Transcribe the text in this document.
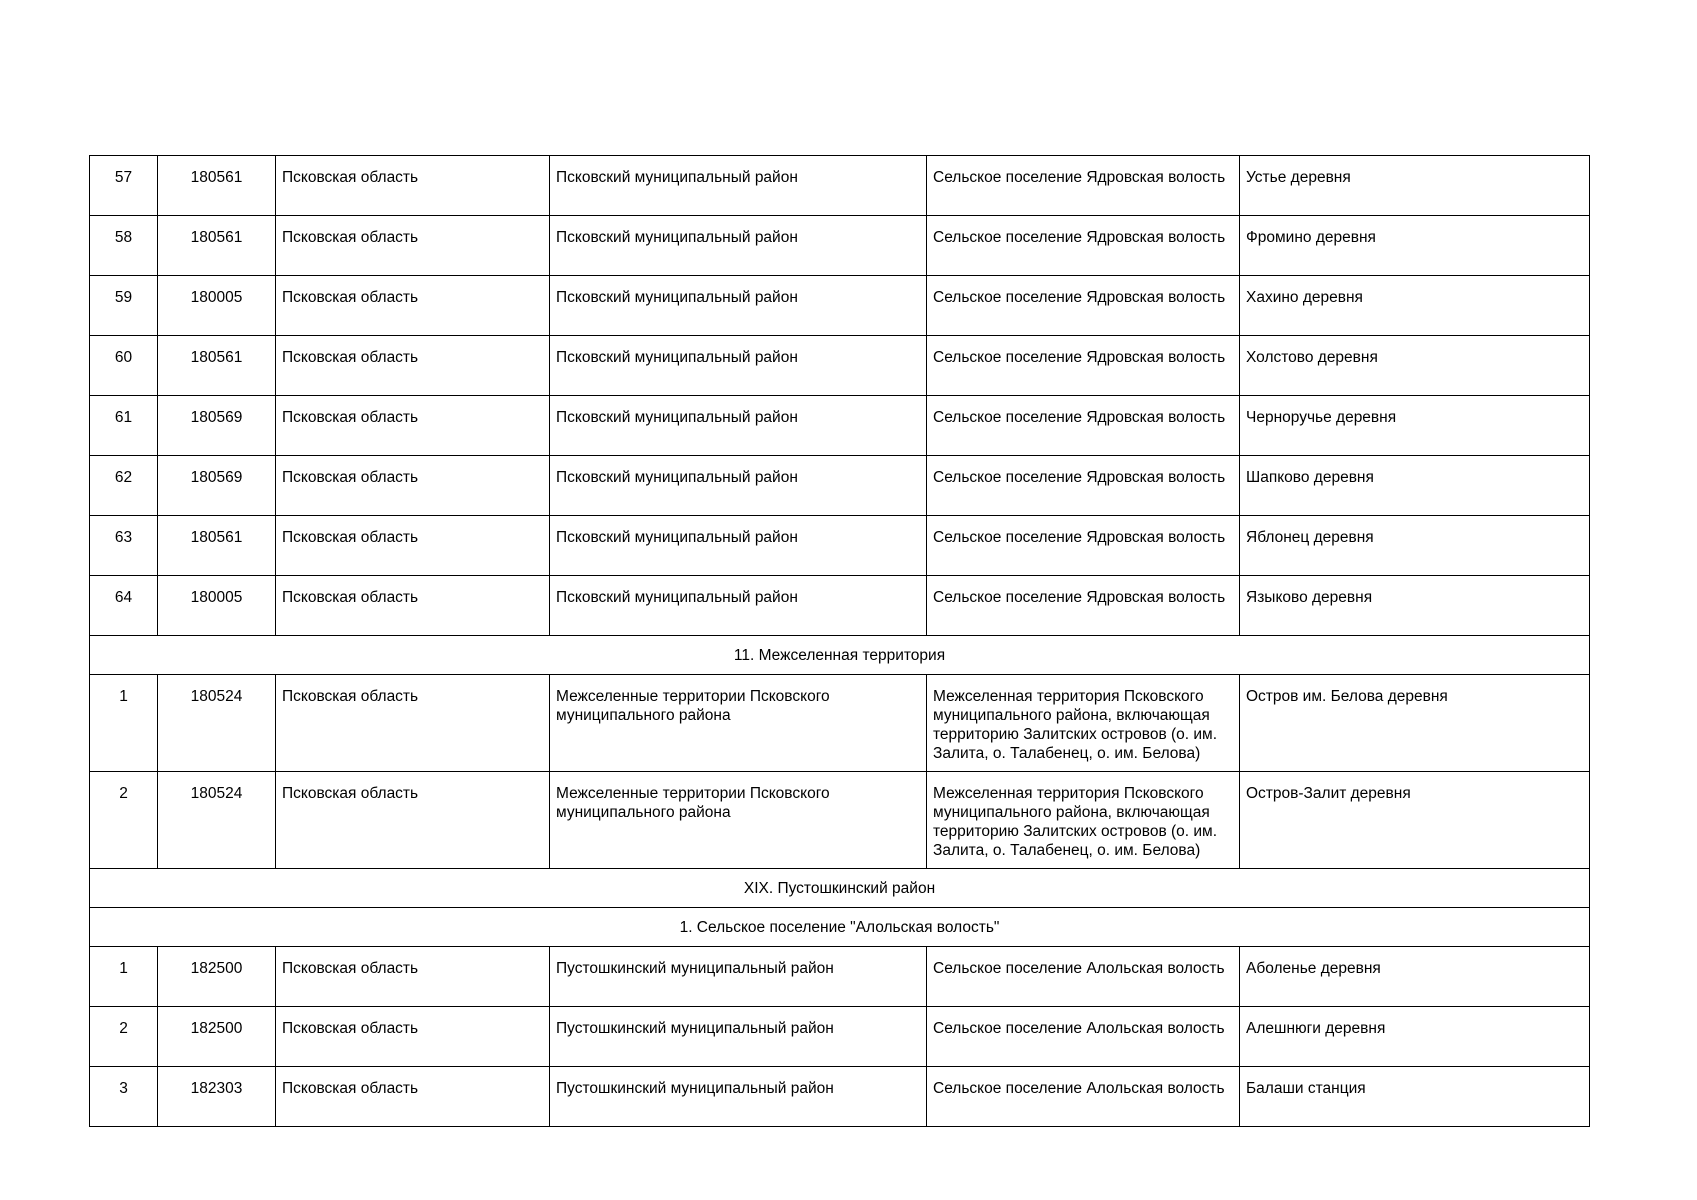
57	180561	Псковская область	Псковский муниципальный район	Сельское поселение Ядровская волость	Устье деревня
58	180561	Псковская область	Псковский муниципальный район	Сельское поселение Ядровская волость	Фромино деревня
59	180005	Псковская область	Псковский муниципальный район	Сельское поселение Ядровская волость	Хахино деревня
60	180561	Псковская область	Псковский муниципальный район	Сельское поселение Ядровская волость	Холстово деревня
61	180569	Псковская область	Псковский муниципальный район	Сельское поселение Ядровская волость	Черноручье деревня
62	180569	Псковская область	Псковский муниципальный район	Сельское поселение Ядровская волость	Шапково деревня
63	180561	Псковская область	Псковский муниципальный район	Сельское поселение Ядровская волость	Яблонец деревня
64	180005	Псковская область	Псковский муниципальный район	Сельское поселение Ядровская волость	Языково деревня
11. Межселенная территория					
1	180524	Псковская область	Межселенные территории Псковского муниципального района	Межселенная территория Псковского муниципального района, включающая территорию Залитских островов (о. им. Залита, о. Талабенец, о. им. Белова)	Остров им. Белова деревня
2	180524	Псковская область	Межселенные территории Псковского муниципального района	Межселенная территория Псковского муниципального района, включающая территорию Залитских островов (о. им. Залита, о. Талабенец, о. им. Белова)	Остров-Залит деревня
XIX. Пустошкинский район					
1. Сельское поселение "Алольская волость"					
1	182500	Псковская область	Пустошкинский муниципальный район	Сельское поселение Алольская волость	Аболенье деревня
2	182500	Псковская область	Пустошкинский муниципальный район	Сельское поселение Алольская волость	Алешнюги деревня
3	182303	Псковская область	Пустошкинский муниципальный район	Сельское поселение Алольская волость	Балаши станция
